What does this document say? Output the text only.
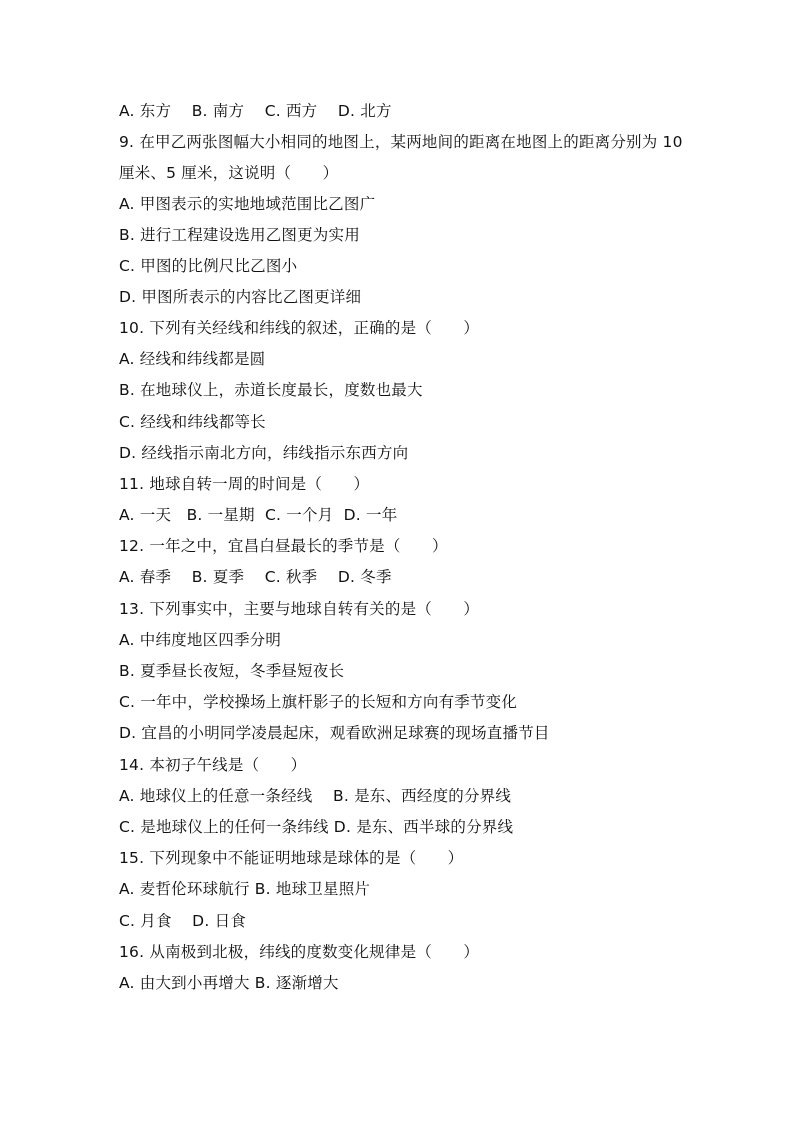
A. 东方    B. 南方    C. 西方    D. 北方
9. 在甲乙两张图幅大小相同的地图上，某两地间的距离在地图上的距离分别为 10
厘米、5 厘米，这说明（　　）
A. 甲图表示的实地地域范围比乙图广
B. 进行工程建设选用乙图更为实用
C. 甲图的比例尺比乙图小
D. 甲图所表示的内容比乙图更详细
10. 下列有关经线和纬线的叙述，正确的是（　　）
A. 经线和纬线都是圆
B. 在地球仪上，赤道长度最长，度数也最大
C. 经线和纬线都等长
D. 经线指示南北方向，纬线指示东西方向
11. 地球自转一周的时间是（　　）
A. 一天   B. 一星期  C. 一个月  D. 一年
12. 一年之中，宜昌白昼最长的季节是（　　）
A. 春季    B. 夏季    C. 秋季    D. 冬季
13. 下列事实中，主要与地球自转有关的是（　　）
A. 中纬度地区四季分明
B. 夏季昼长夜短，冬季昼短夜长
C. 一年中，学校操场上旗杆影子的长短和方向有季节变化
D. 宜昌的小明同学凌晨起床，观看欧洲足球赛的现场直播节目
14. 本初子午线是（　　）
A. 地球仪上的任意一条经线    B. 是东、西经度的分界线
C. 是地球仪上的任何一条纬线 D. 是东、西半球的分界线
15. 下列现象中不能证明地球是球体的是（　　）
A. 麦哲伦环球航行 B. 地球卫星照片
C. 月食    D. 日食
16. 从南极到北极，纬线的度数变化规律是（　　）
A. 由大到小再增大 B. 逐渐增大
